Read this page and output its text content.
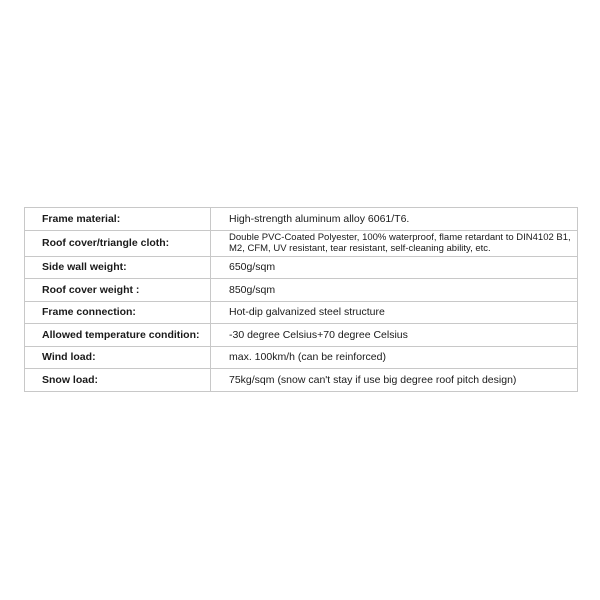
Frame material:	High-strength aluminum alloy 6061/T6.
Roof cover/triangle cloth:	Double PVC-Coated Polyester, 100% waterproof, flame retardant to DIN4102 B1, M2, CFM, UV resistant, tear resistant, self-cleaning ability, etc.
Side wall weight:	650g/sqm
Roof cover weight :	850g/sqm
Frame connection:	Hot-dip galvanized steel structure
Allowed temperature condition:	-30 degree Celsius+70 degree Celsius
Wind load:	max. 100km/h (can be reinforced)
Snow load:	75kg/sqm (snow can't stay if use big degree roof pitch design)
